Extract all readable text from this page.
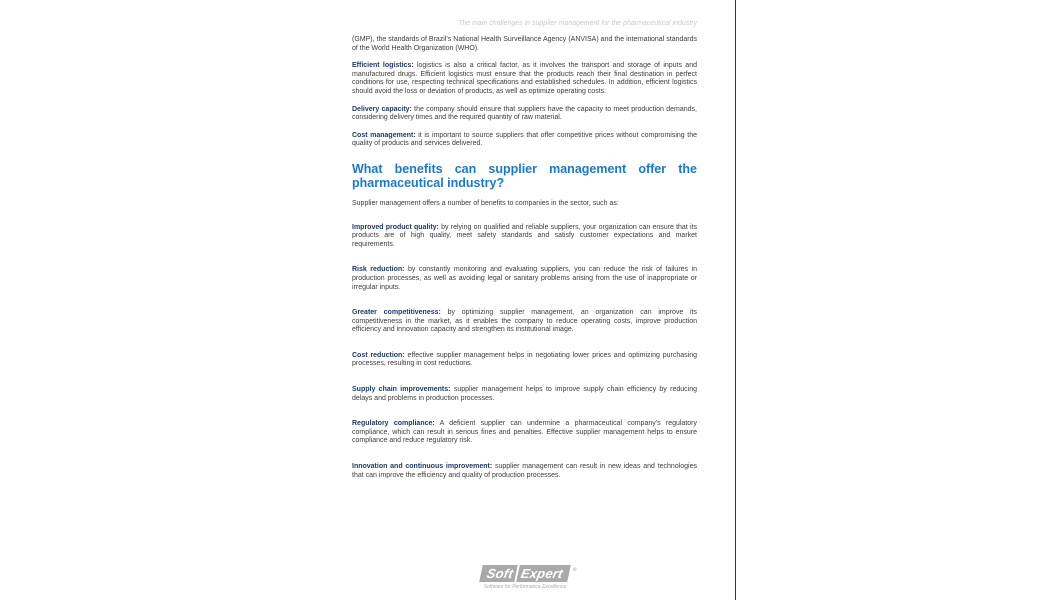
The main challenges in supplier management for the pharmaceutical industry

(GMP), the standards of Brazil's National Health Surveillance Agency (ANVISA) and the international standards of the World Health Organization (WHO).

Efficient logistics: logistics is also a critical factor, as it involves the transport and storage of inputs and manufactured drugs. Efficient logistics must ensure that the products reach their final destination in perfect conditions for use, respecting technical specifications and established schedules. In addition, efficient logistics should avoid the loss or deviation of products, as well as optimize operating costs.

Delivery capacity: the company should ensure that suppliers have the capacity to meet production demands, considering delivery times and the required quantity of raw material.

Cost management: it is important to source suppliers that offer competitive prices without compromising the quality of products and services delivered.

What benefits can supplier management offer the pharmaceutical industry?

Supplier management offers a number of benefits to companies in the sector, such as:

Improved product quality: by relying on qualified and reliable suppliers, your organization can ensure that its products are of high quality, meet safety standards and satisfy customer expectations and market requirements.

Risk reduction: by constantly monitoring and evaluating suppliers, you can reduce the risk of failures in production processes, as well as avoiding legal or sanitary problems arising from the use of inappropriate or irregular inputs.

Greater competitiveness: by optimizing supplier management, an organization can improve its competitiveness in the market, as it enables the company to reduce operating costs, improve production efficiency and innovation capacity and strengthen its institutional image.

Cost reduction: effective supplier management helps in negotiating lower prices and optimizing purchasing processes, resulting in cost reductions.

Supply chain improvements: supplier management helps to improve supply chain efficiency by reducing delays and problems in production processes.

Regulatory compliance: A deficient supplier can undermine a pharmaceutical company's regulatory compliance, which can result in serious fines and penalties. Effective supplier management helps to ensure compliance and reduce regulatory risk.

Innovation and continuous improvement: supplier management can result in new ideas and technologies that can improve the efficiency and quality of production processes.

Soft Expert ®
Software for Performance Excellence
